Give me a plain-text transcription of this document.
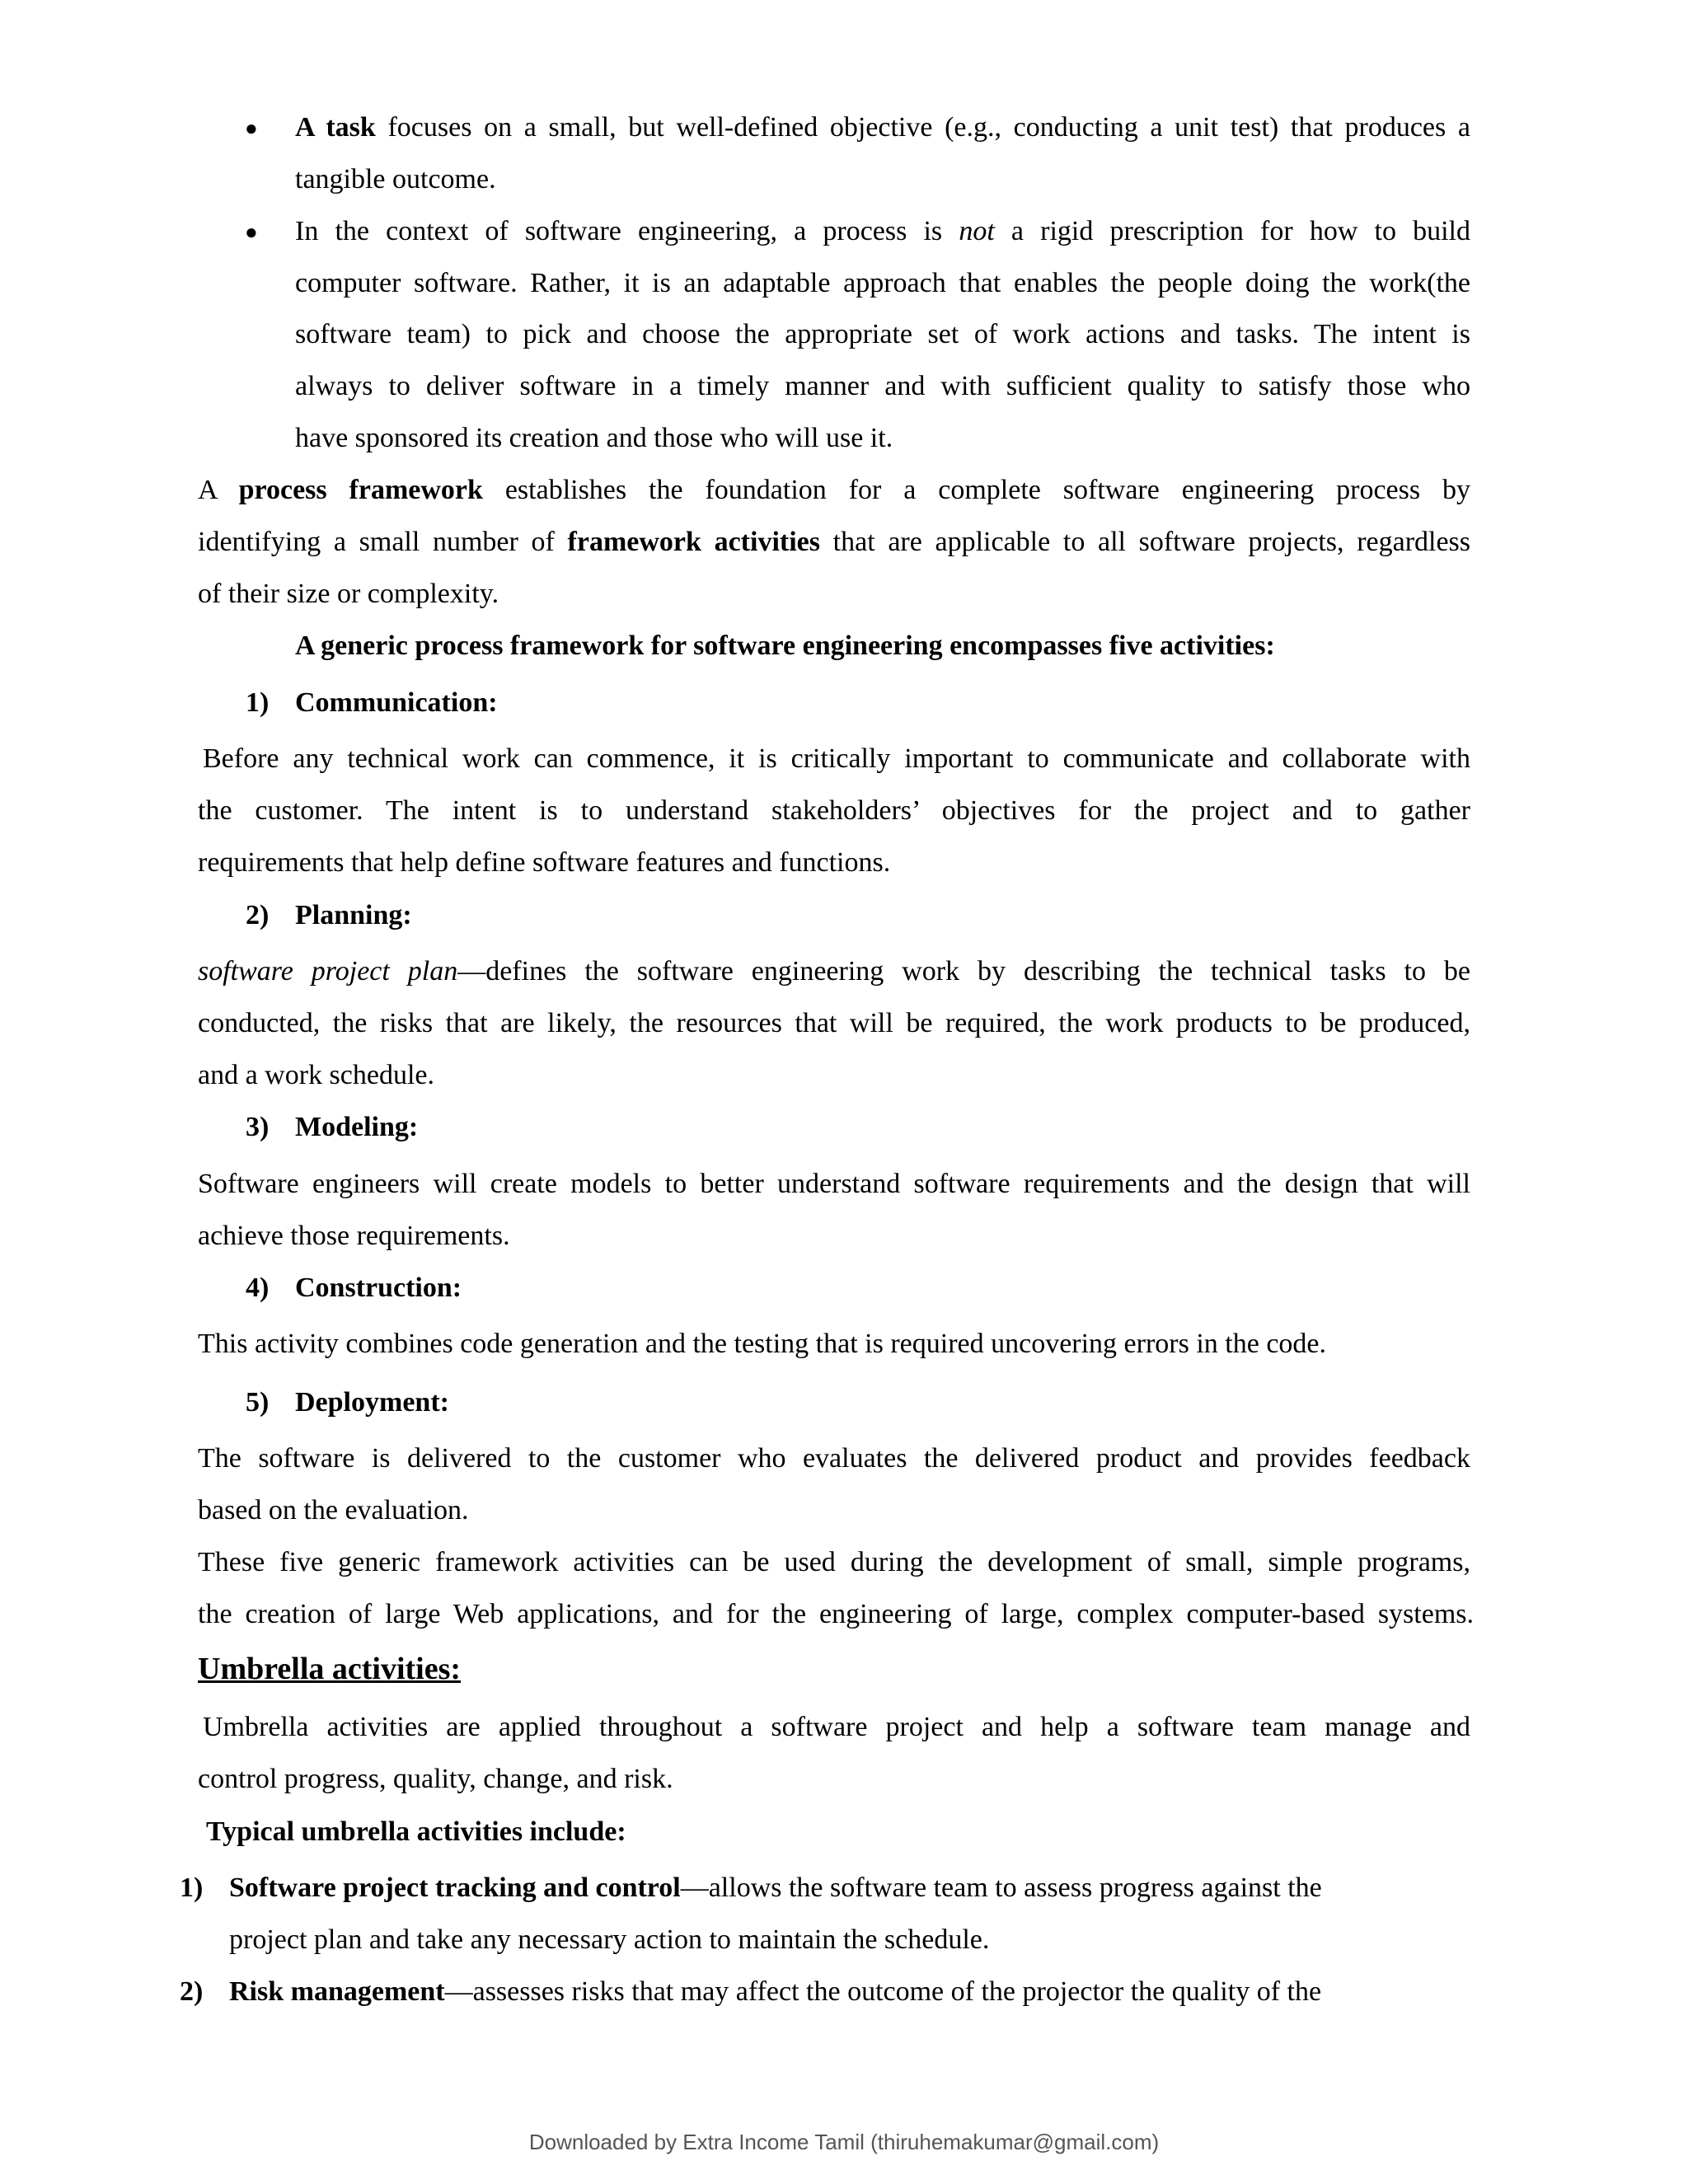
● A task focuses on a small, but well-defined objective (e.g., conducting a unit test) that produces a
tangible outcome.
● In the context of software engineering, a process is not a rigid prescription for how to build
computer software. Rather, it is an adaptable approach that enables the people doing the work(the
software team) to pick and choose the appropriate set of work actions and tasks. The intent is
always to deliver software in a timely manner and with sufficient quality to satisfy those who
have sponsored its creation and those who will use it.
A process framework establishes the foundation for a complete software engineering process by
identifying a small number of framework activities that are applicable to all software projects, regardless
of their size or complexity.
A generic process framework for software engineering encompasses five activities:
1) Communication:
Before any technical work can commence, it is critically important to communicate and collaborate with
the customer. The intent is to understand stakeholders’ objectives for the project and to gather
requirements that help define software features and functions.
2) Planning:
software project plan—defines the software engineering work by describing the technical tasks to be
conducted, the risks that are likely, the resources that will be required, the work products to be produced,
and a work schedule.
3) Modeling:
Software engineers will create models to better understand software requirements and the design that will
achieve those requirements.
4) Construction:
This activity combines code generation and the testing that is required uncovering errors in the code.
5) Deployment:
The software is delivered to the customer who evaluates the delivered product and provides feedback
based on the evaluation.
These five generic framework activities can be used during the development of small, simple programs,
the creation of large Web applications, and for the engineering of large, complex computer-based systems.
Umbrella activities:
Umbrella activities are applied throughout a software project and help a software team manage and
control progress, quality, change, and risk.
Typical umbrella activities include:
1) Software project tracking and control—allows the software team to assess progress against the
project plan and take any necessary action to maintain the schedule.
2) Risk management—assesses risks that may affect the outcome of the projector the quality of the
Downloaded by Extra Income Tamil (thiruhemakumar@gmail.com)
